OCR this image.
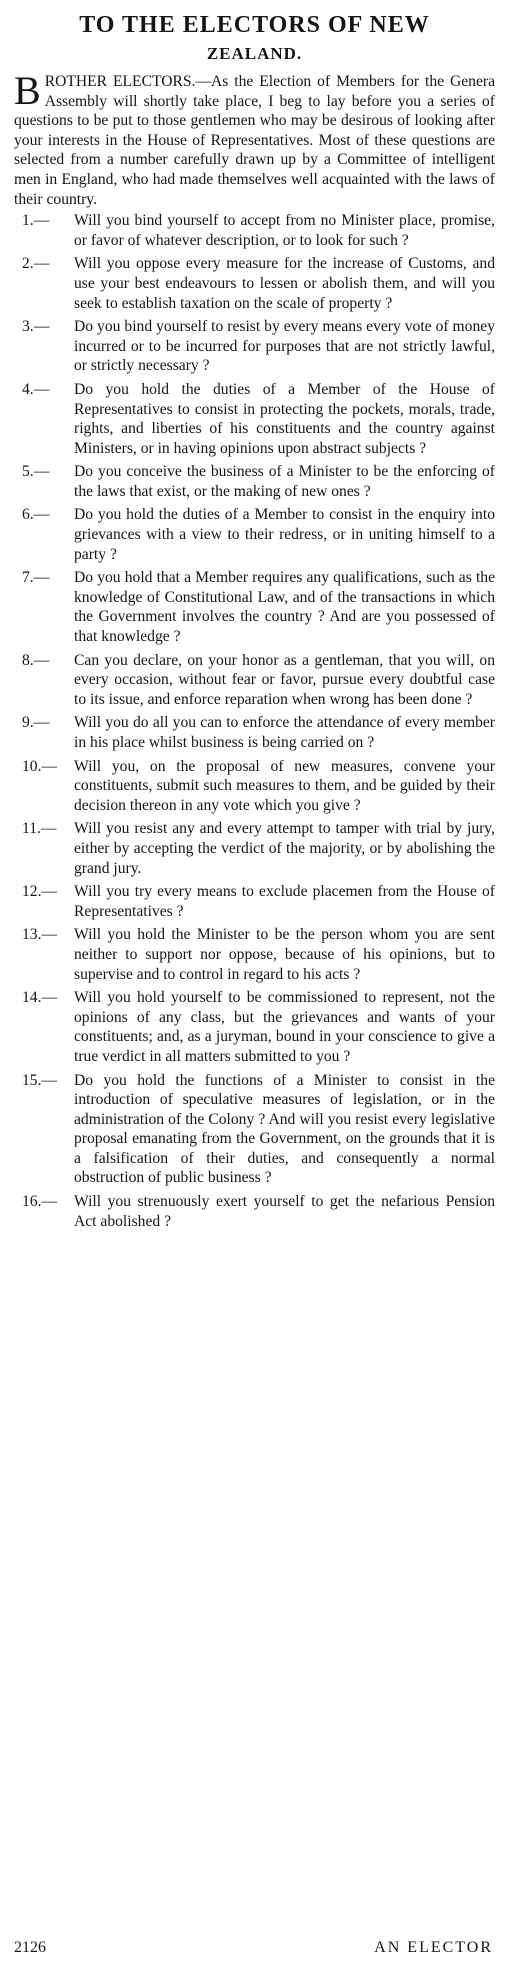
TO THE ELECTORS OF NEW
ZEALAND.

BROTHER ELECTORS.—As the Election of Members for the Genera Assembly will shortly take place, I beg to lay before you a series of questions to be put to those gentlemen who may be desirous of looking after your interests in the House of Representatives. Most of these questions are selected from a number carefully drawn up by a Committee of intelligent men in England, who had made themselves well acquainted with the laws of their country.

1.—	Will you bind yourself to accept from no Minister place, promise, or favor of whatever description, or to look for such ?
2.—	Will you oppose every measure for the increase of Customs, and use your best endeavours to lessen or abolish them, and will you seek to establish taxation on the scale of property ?
3.—	Do you bind yourself to resist by every means every vote of money incurred or to be incurred for purposes that are not strictly lawful, or strictly necessary ?
4.—	Do you hold the duties of a Member of the House of Representatives to consist in protecting the pockets, morals, trade, rights, and liberties of his constituents and the country against Ministers, or in having opinions upon abstract subjects ?
5.—	Do you conceive the business of a Minister to be the enforcing of the laws that exist, or the making of new ones ?
6.—	Do you hold the duties of a Member to consist in the enquiry into grievances with a view to their redress, or in uniting himself to a party ?
7.—	Do you hold that a Member requires any qualifications, such as the knowledge of Constitutional Law, and of the transactions in which the Government involves the country ? And are you possessed of that knowledge ?
8.—	Can you declare, on your honor as a gentleman, that you will, on every occasion, without fear or favor, pursue every doubtful case to its issue, and enforce reparation when wrong has been done ?
9.—	Will you do all you can to enforce the attendance of every member in his place whilst business is being carried on ?
10.—	Will you, on the proposal of new measures, convene your constituents, submit such measures to them, and be guided by their decision thereon in any vote which you give ?
11.—	Will you resist any and every attempt to tamper with trial by jury, either by accepting the verdict of the majority, or by abolishing the grand jury.
12.—	Will you try every means to exclude placemen from the House of Representatives ?
13.—	Will you hold the Minister to be the person whom you are sent neither to support nor oppose, because of his opinions, but to supervise and to control in regard to his acts ?
14.—	Will you hold yourself to be commissioned to represent, not the opinions of any class, but the grievances and wants of your constituents; and, as a juryman, bound in your conscience to give a true verdict in all matters submitted to you ?
15.—	Do you hold the functions of a Minister to consist in the introduction of speculative measures of legislation, or in the administration of the Colony ? And will you resist every legislative proposal emanating from the Government, on the grounds that it is a falsification of their duties, and consequently a normal obstruction of public business ?
16.—	Will you strenuously exert yourself to get the nefarious Pension Act abolished ?
2126	AN ELECTOR
